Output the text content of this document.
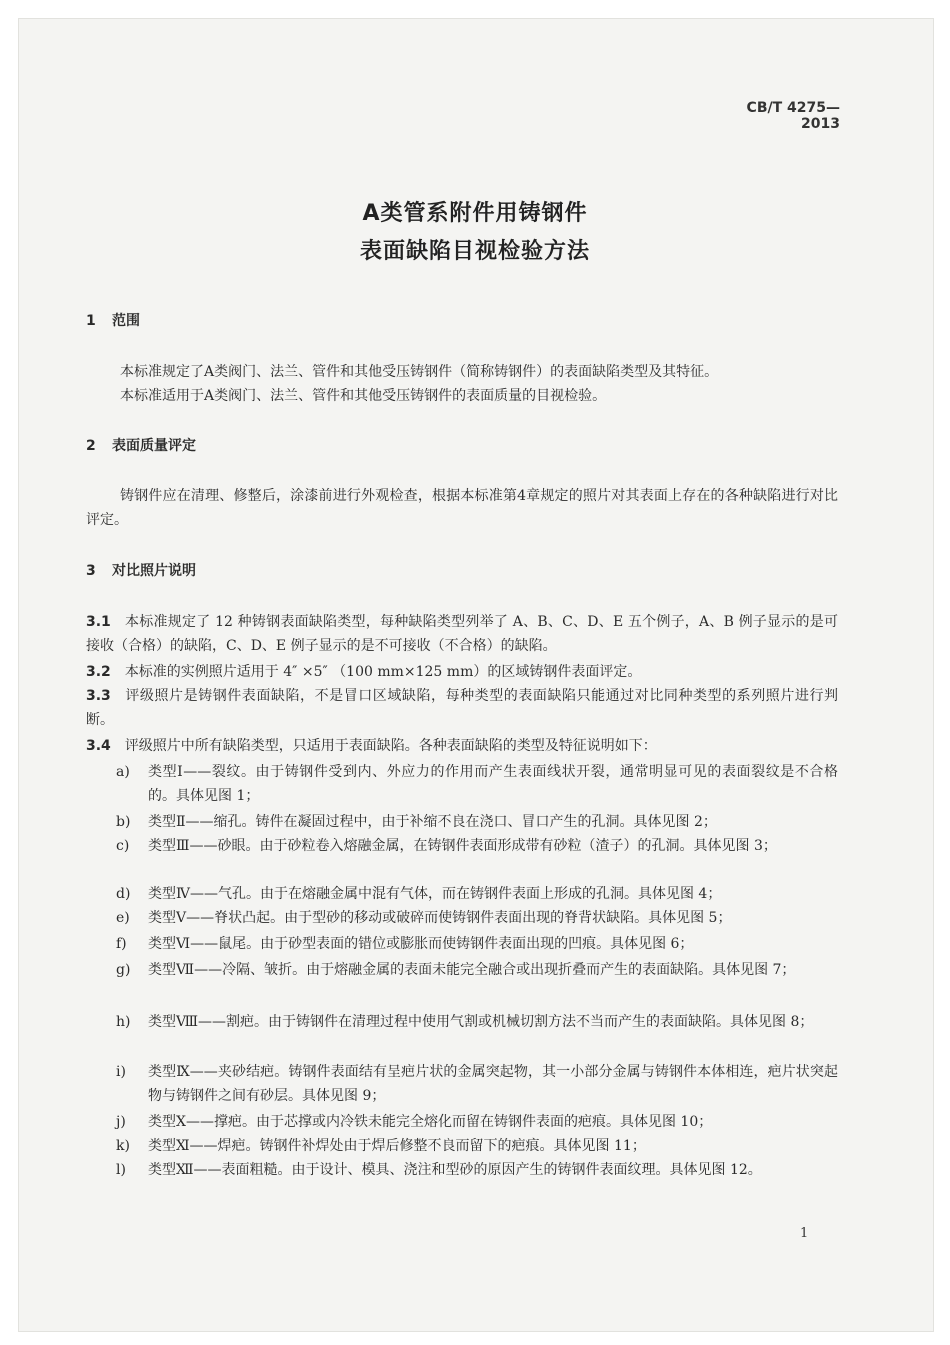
CB/T 4275—2013
A类管系附件用铸钢件
表面缺陷目视检验方法
1 范围
本标准规定了A类阀门、法兰、管件和其他受压铸钢件（简称铸钢件）的表面缺陷类型及其特征。
本标准适用于A类阀门、法兰、管件和其他受压铸钢件的表面质量的目视检验。
2 表面质量评定
铸钢件应在清理、修整后，涂漆前进行外观检查，根据本标准第4章规定的照片对其表面上存在的各种缺陷进行对比评定。
3 对比照片说明
3.1 本标准规定了 12 种铸钢表面缺陷类型，每种缺陷类型列举了 A、B、C、D、E 五个例子，A、B 例子显示的是可接收（合格）的缺陷，C、D、E 例子显示的是不可接收（不合格）的缺陷。
3.2 本标准的实例照片适用于 4″ ×5″ （100 mm×125 mm）的区域铸钢件表面评定。
3.3 评级照片是铸钢件表面缺陷，不是冒口区域缺陷，每种类型的表面缺陷只能通过对比同种类型的系列照片进行判断。
3.4 评级照片中所有缺陷类型，只适用于表面缺陷。各种表面缺陷的类型及特征说明如下：
a)	类型Ⅰ——裂纹。由于铸钢件受到内、外应力的作用而产生表面线状开裂，通常明显可见的表面裂纹是不合格的。具体见图 1；
b)	类型Ⅱ——缩孔。铸件在凝固过程中，由于补缩不良在浇口、冒口产生的孔洞。具体见图 2；
c)	类型Ⅲ——砂眼。由于砂粒卷入熔融金属，在铸钢件表面形成带有砂粒（渣子）的孔洞。具体见图 3；
d)	类型Ⅳ——气孔。由于在熔融金属中混有气体，而在铸钢件表面上形成的孔洞。具体见图 4；
e)	类型Ⅴ——脊状凸起。由于型砂的移动或破碎而使铸钢件表面出现的脊背状缺陷。具体见图 5；
f)	类型Ⅵ——鼠尾。由于砂型表面的错位或膨胀而使铸钢件表面出现的凹痕。具体见图 6；
g)	类型Ⅶ——冷隔、皱折。由于熔融金属的表面未能完全融合或出现折叠而产生的表面缺陷。具体见图 7；
h)	类型Ⅷ——割疤。由于铸钢件在清理过程中使用气割或机械切割方法不当而产生的表面缺陷。具体见图 8；
i)	类型Ⅸ——夹砂结疤。铸钢件表面结有呈疤片状的金属突起物，其一小部分金属与铸钢件本体相连，疤片状突起物与铸钢件之间有砂层。具体见图 9；
j)	类型Ⅹ——撑疤。由于芯撑或内冷铁未能完全熔化而留在铸钢件表面的疤痕。具体见图 10；
k)	类型Ⅺ——焊疤。铸钢件补焊处由于焊后修整不良而留下的疤痕。具体见图 11；
l)	类型Ⅻ——表面粗糙。由于设计、模具、浇注和型砂的原因产生的铸钢件表面纹理。具体见图 12。
1
